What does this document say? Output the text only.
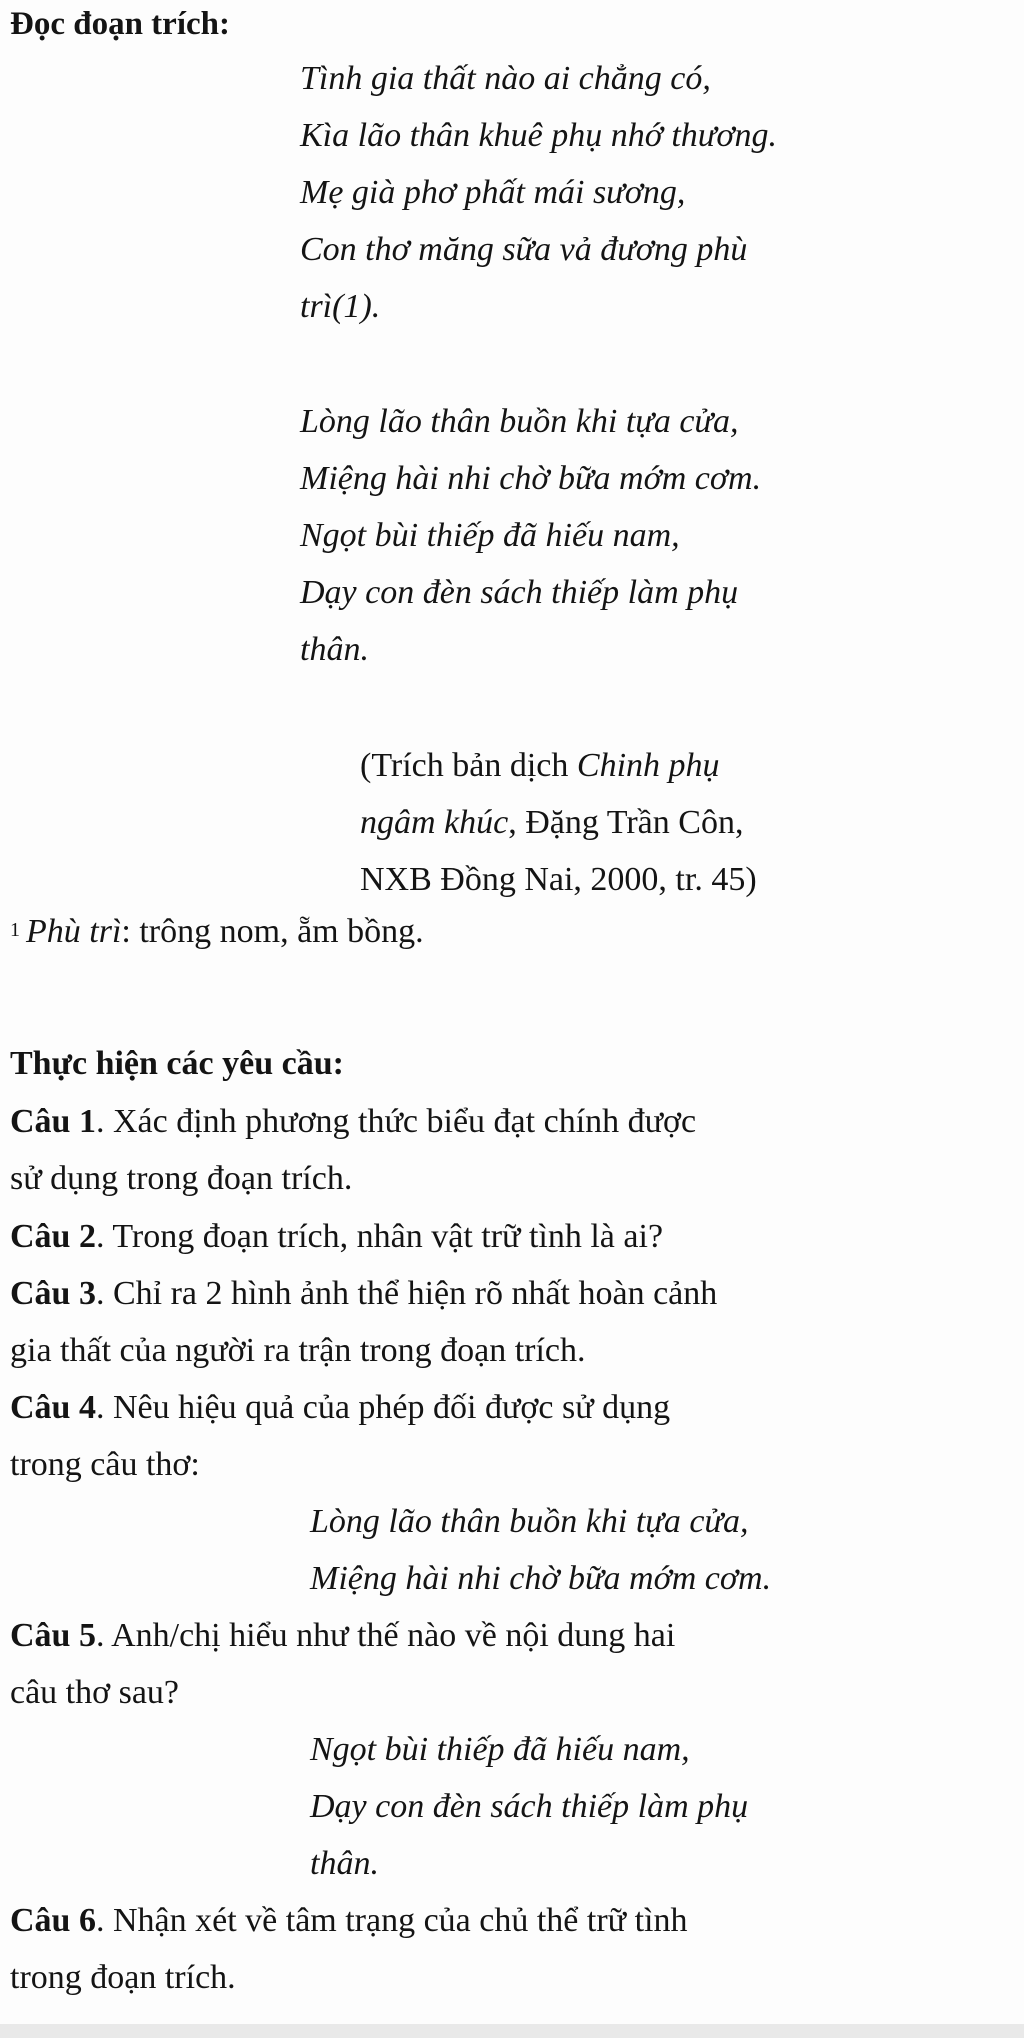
Đọc đoạn trích:
Tình gia thất nào ai chẳng có,
Kìa lão thân khuê phụ nhớ thương.
Mẹ già phơ phất mái sương,
Con thơ măng sữa vả đương phù
trì(1).
Lòng lão thân buồn khi tựa cửa,
Miệng hài nhi chờ bữa mớm cơm.
Ngọt bùi thiếp đã hiếu nam,
Dạy con đèn sách thiếp làm phụ
thân.
(Trích bản dịch Chinh phụ
ngâm khúc, Đặng Trần Côn,
NXB Đồng Nai, 2000, tr. 45)
$^1$ Phù trì: trông nom, ẵm bồng.
Thực hiện các yêu cầu:
Câu 1. Xác định phương thức biểu đạt chính được
sử dụng trong đoạn trích.
Câu 2. Trong đoạn trích, nhân vật trữ tình là ai?
Câu 3. Chỉ ra 2 hình ảnh thể hiện rõ nhất hoàn cảnh
gia thất của người ra trận trong đoạn trích.
Câu 4. Nêu hiệu quả của phép đối được sử dụng
trong câu thơ:
Lòng lão thân buồn khi tựa cửa,
Miệng hài nhi chờ bữa mớm cơm.
Câu 5. Anh/chị hiểu như thế nào về nội dung hai
câu thơ sau?
Ngọt bùi thiếp đã hiếu nam,
Dạy con đèn sách thiếp làm phụ
thân.
Câu 6. Nhận xét về tâm trạng của chủ thể trữ tình
trong đoạn trích.
